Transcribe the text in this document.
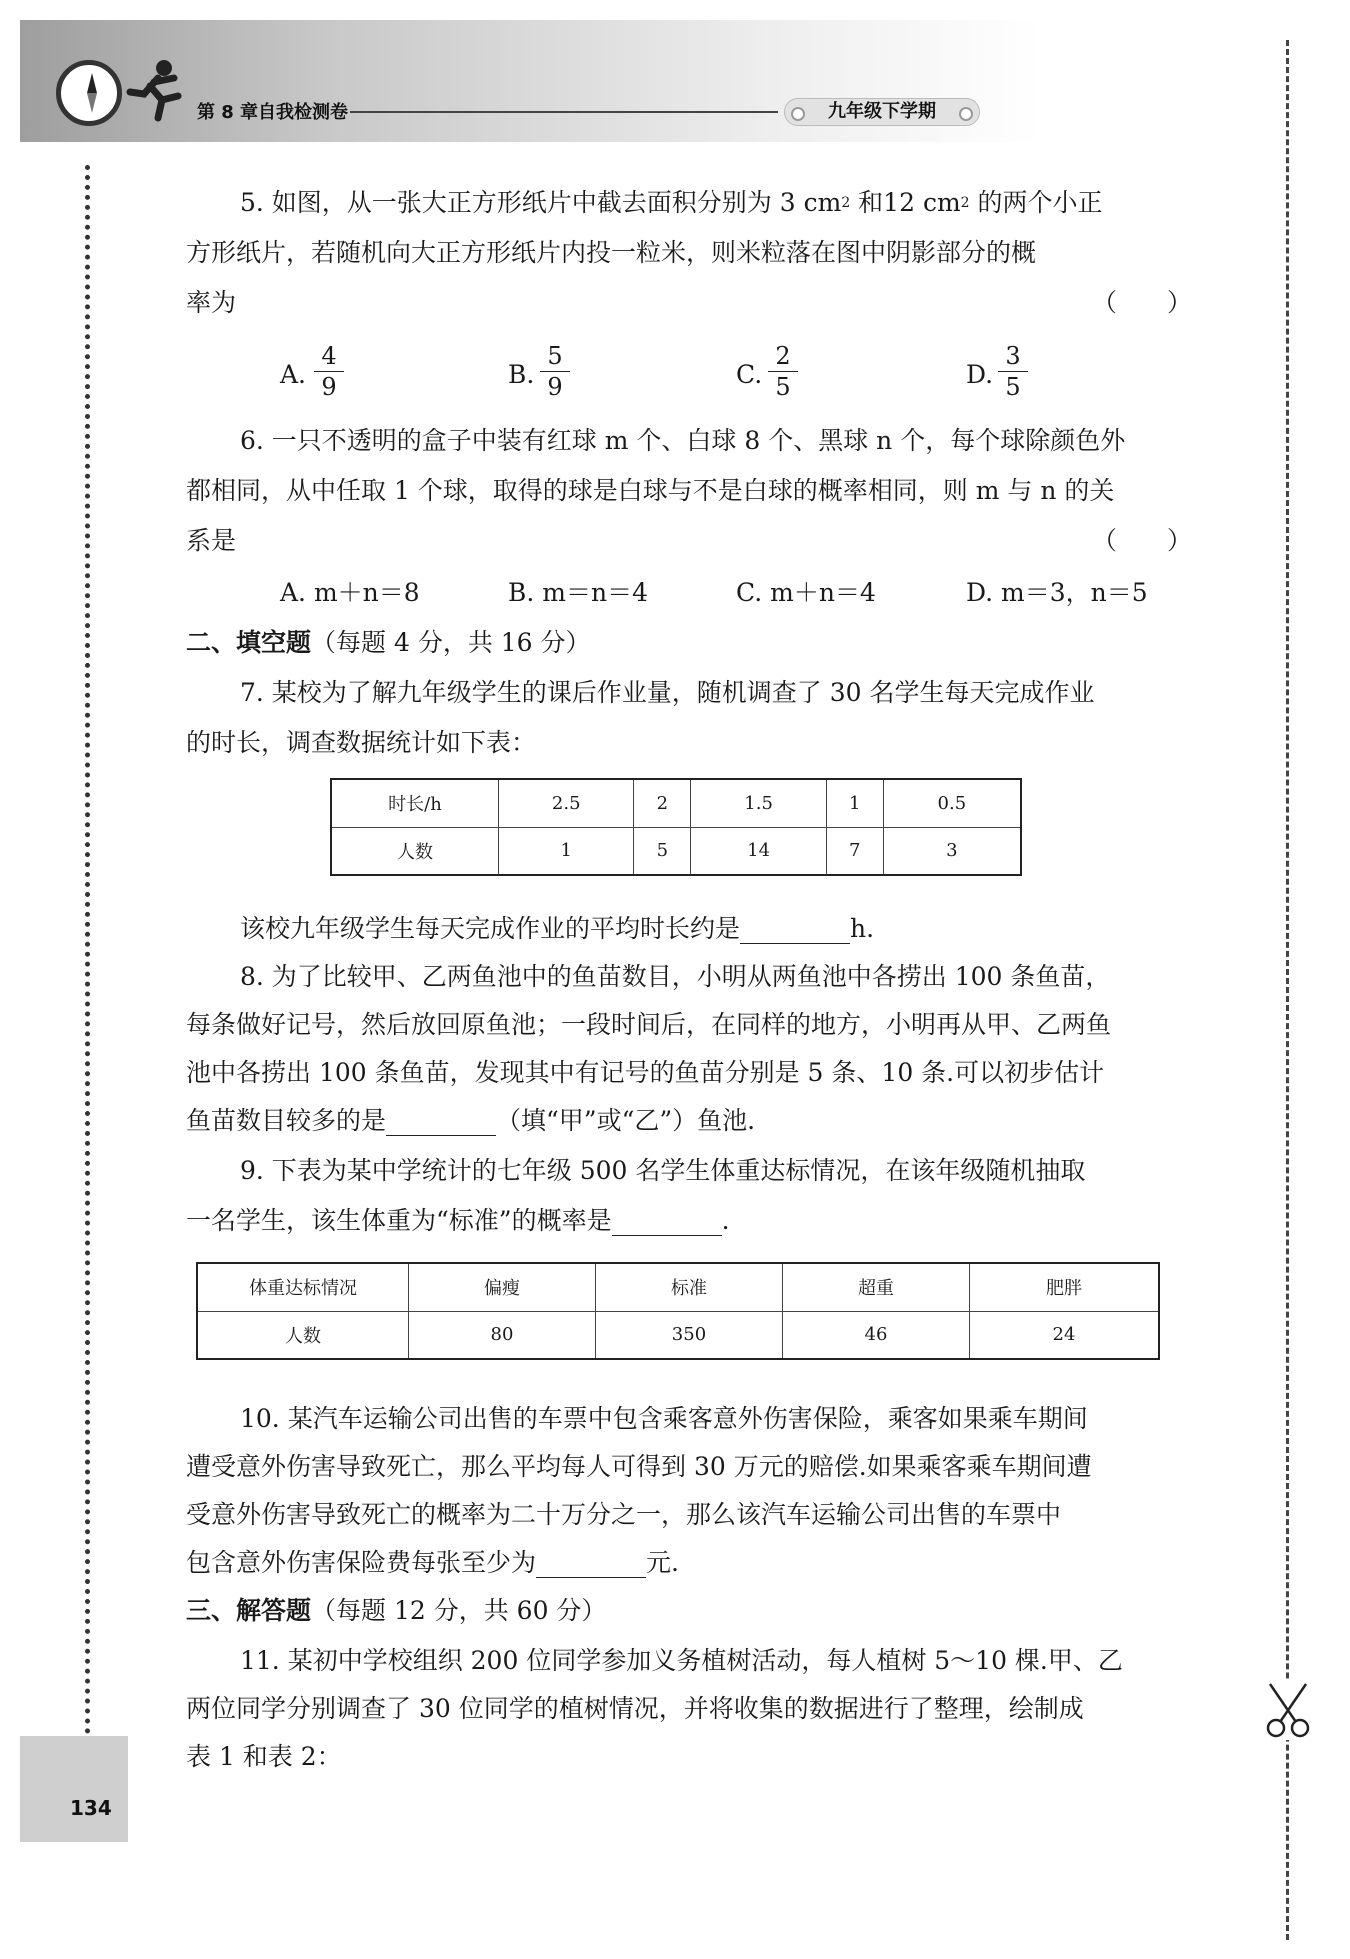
第 8 章自我检测卷	九年级下学期
134
5. 如图，从一张大正方形纸片中截去面积分别为 3 $cm^2$ 和12 $cm^2$ 的两个小正
方形纸片，若随机向大正方形纸片内投一粒米，则米粒落在图中阴影部分的概
率为	（　　）
A.
4
9	B.
5
9	C.
2
5	D.
3
5
6. 一只不透明的盒子中装有红球 m 个、白球 8 个、黑球 n 个，每个球除颜色外
都相同，从中任取 1 个球，取得的球是白球与不是白球的概率相同，则 m 与 n 的关
系是	（　　）
A. m＋n＝8	B. m＝n＝4	C. m＋n＝4	D. m＝3，n＝5
二、填空题（每题 4 分，共 16 分）
7. 某校为了解九年级学生的课后作业量，随机调查了 30 名学生每天完成作业
的时长，调查数据统计如下表：
时长/h	2.5	2	1.5	1	0.5
人数	1	5	14	7	3
该校九年级学生每天完成作业的平均时长约是	h.
8. 为了比较甲、乙两鱼池中的鱼苗数目，小明从两鱼池中各捞出 100 条鱼苗，
每条做好记号，然后放回原鱼池；一段时间后，在同样的地方，小明再从甲、乙两鱼
池中各捞出 100 条鱼苗，发现其中有记号的鱼苗分别是 5 条、10 条.可以初步估计
鱼苗数目较多的是	（填“甲”或“乙”）鱼池.
9. 下表为某中学统计的七年级 500 名学生体重达标情况，在该年级随机抽取
一名学生，该生体重为“标准”的概率是	.
体重达标情况	偏瘦	标准	超重	肥胖
人数	80	350	46	24
10. 某汽车运输公司出售的车票中包含乘客意外伤害保险，乘客如果乘车期间
遭受意外伤害导致死亡，那么平均每人可得到 30 万元的赔偿.如果乘客乘车期间遭
受意外伤害导致死亡的概率为二十万分之一，那么该汽车运输公司出售的车票中
包含意外伤害保险费每张至少为	元.
三、解答题（每题 12 分，共 60 分）
11. 某初中学校组织 200 位同学参加义务植树活动，每人植树 5～10 棵.甲、乙
两位同学分别调查了 30 位同学的植树情况，并将收集的数据进行了整理，绘制成
表 1 和表 2：
